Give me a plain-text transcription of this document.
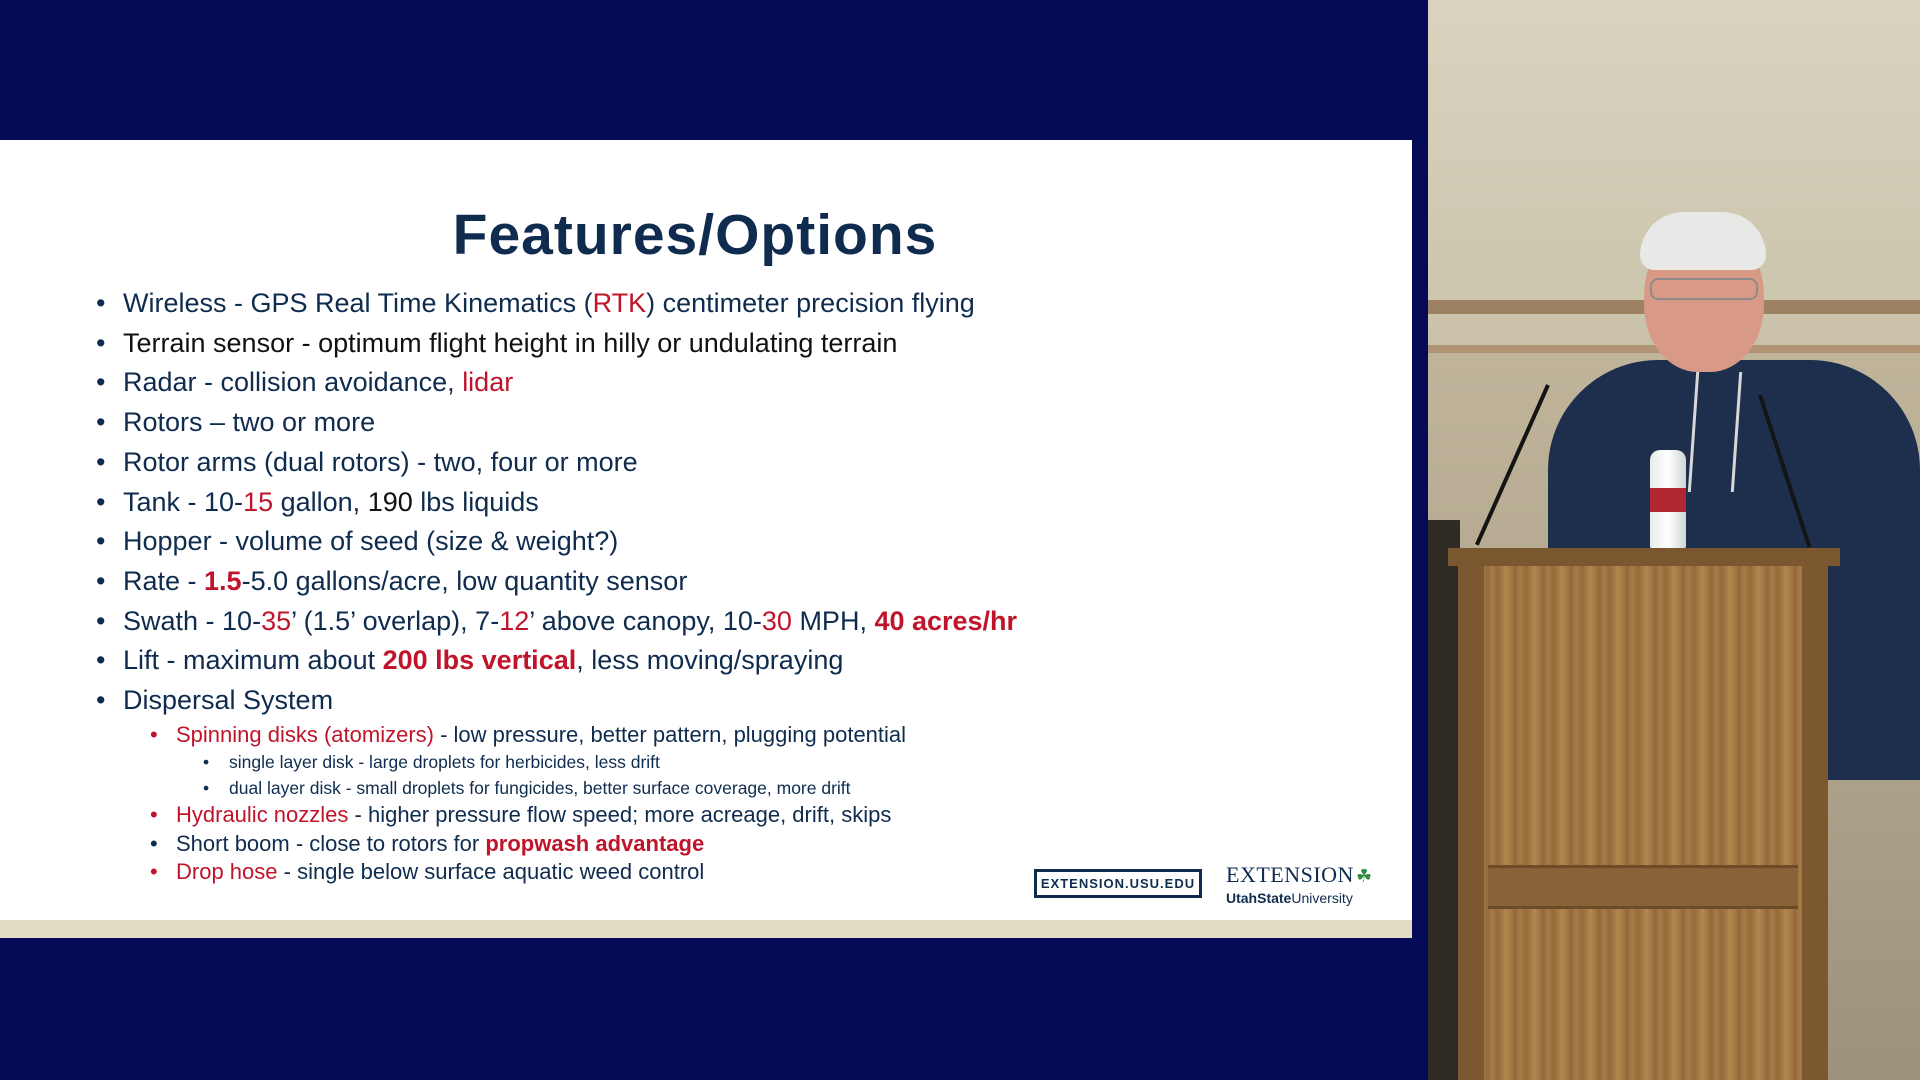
Features/Options
• Wireless - GPS Real Time Kinematics (RTK) centimeter precision flying
• Terrain sensor - optimum flight height in hilly or undulating terrain
• Radar - collision avoidance, lidar
• Rotors – two or more
• Rotor arms (dual rotors) - two, four or more
• Tank - 10-15 gallon, 190 lbs liquids
• Hopper - volume of seed (size & weight?)
• Rate - 1.5-5.0 gallons/acre, low quantity sensor
• Swath - 10-35’ (1.5’ overlap), 7-12’ above canopy, 10-30 MPH, 40 acres/hr
• Lift - maximum about 200 lbs vertical, less moving/spraying
• Dispersal System
• Spinning disks (atomizers) - low pressure, better pattern, plugging potential
• single layer disk - large droplets for herbicides, less drift
• dual layer disk - small droplets for fungicides, better surface coverage, more drift
• Hydraulic nozzles - higher pressure flow speed; more acreage, drift, skips
• Short boom - close to rotors for propwash advantage
• Drop hose - single below surface aquatic weed control	EXTENSION.USU.EDU	EXTENSION ☘
UtahStateUniversity
